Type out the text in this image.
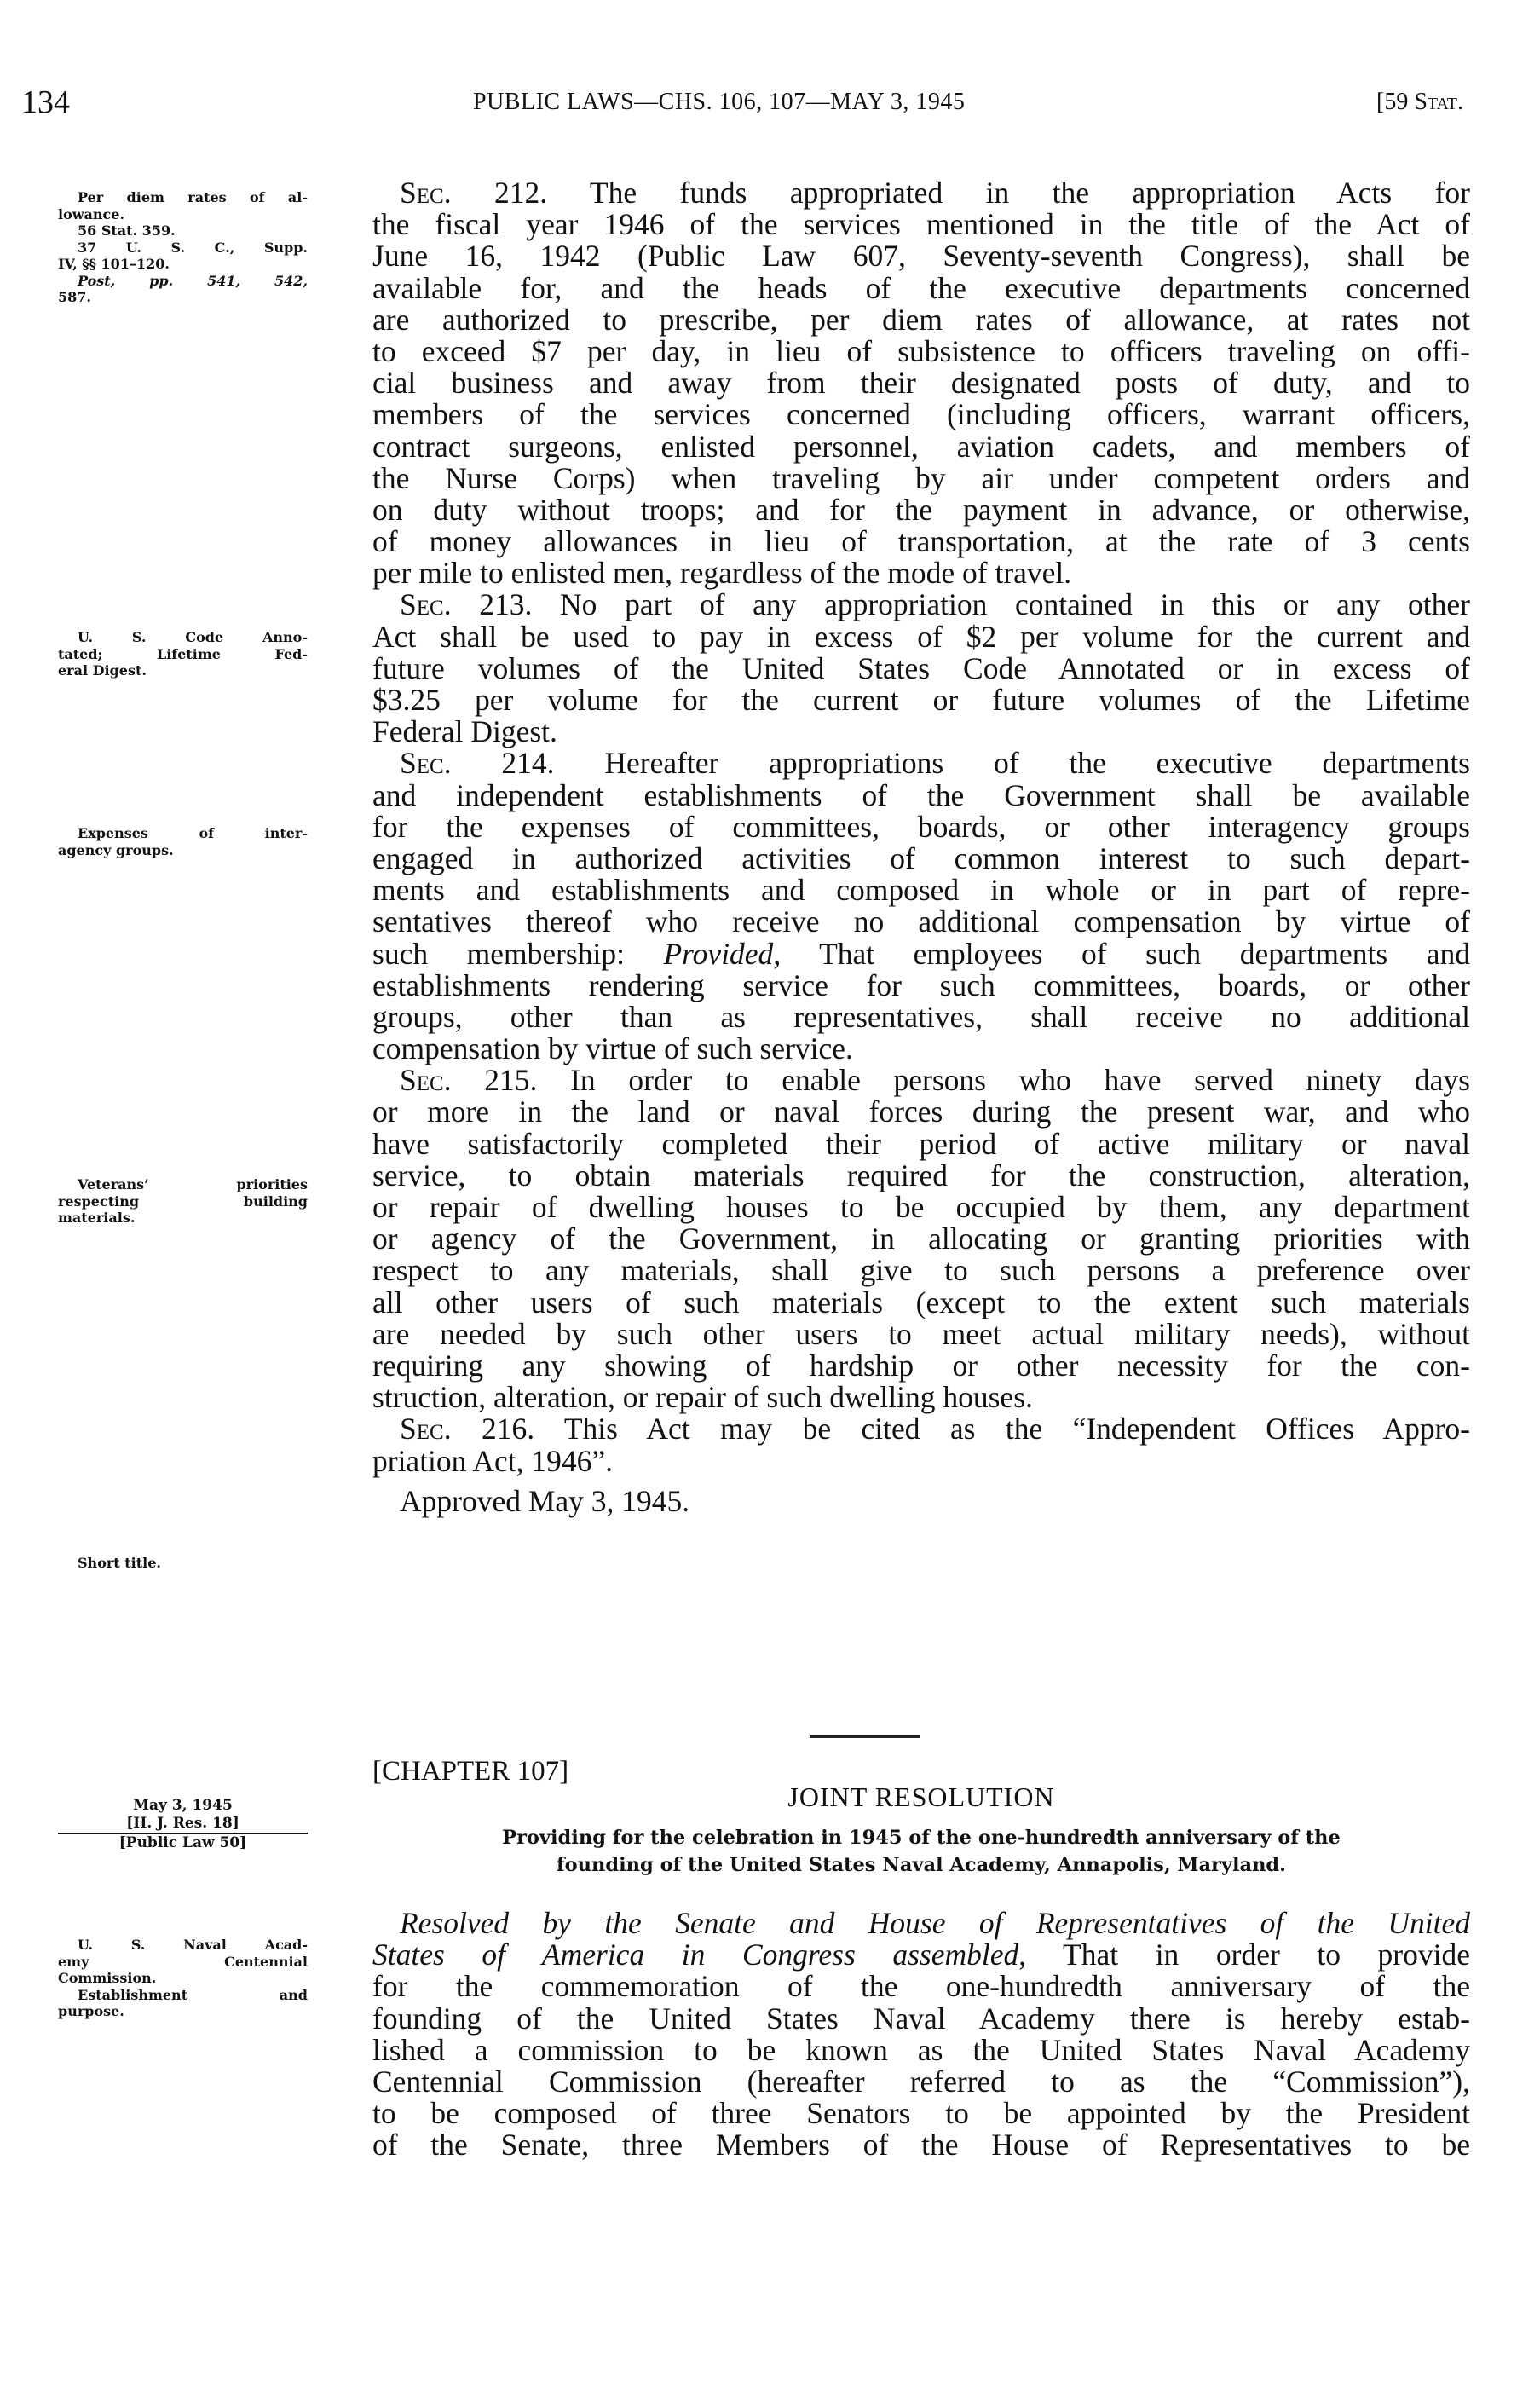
134	PUBLIC LAWS—CHS. 106, 107—MAY 3, 1945	[59 Stat.
Per diem rates of al-
lowance.
56 Stat. 359.
37 U. S. C., Supp.
IV, §§ 101–120.
Post, pp. 541, 542,
587.
U. S. Code Anno-
tated; Lifetime Fed-
eral Digest.
Expenses of inter-
agency groups.
Veterans’ priorities
respecting building
materials.
Short title.
U. S. Naval Acad-
emy Centennial
Commission.
Establishment and
purpose.
Sec. 212. The funds appropriated in the appropriation Acts for
the fiscal year 1946 of the services mentioned in the title of the Act of
June 16, 1942 (Public Law 607, Seventy-seventh Congress), shall be
available for, and the heads of the executive departments concerned
are authorized to prescribe, per diem rates of allowance, at rates not
to exceed $7 per day, in lieu of subsistence to officers traveling on offi-
cial business and away from their designated posts of duty, and to
members of the services concerned (including officers, warrant officers,
contract surgeons, enlisted personnel, aviation cadets, and members of
the Nurse Corps) when traveling by air under competent orders and
on duty without troops; and for the payment in advance, or otherwise,
of money allowances in lieu of transportation, at the rate of 3 cents
per mile to enlisted men, regardless of the mode of travel.
Sec. 213. No part of any appropriation contained in this or any other
Act shall be used to pay in excess of $2 per volume for the current and
future volumes of the United States Code Annotated or in excess of
$3.25 per volume for the current or future volumes of the Lifetime
Federal Digest.
Sec. 214. Hereafter appropriations of the executive departments
and independent establishments of the Government shall be available
for the expenses of committees, boards, or other interagency groups
engaged in authorized activities of common interest to such depart-
ments and establishments and composed in whole or in part of repre-
sentatives thereof who receive no additional compensation by virtue of
such membership: Provided, That employees of such departments and
establishments rendering service for such committees, boards, or other
groups, other than as representatives, shall receive no additional
compensation by virtue of such service.
Sec. 215. In order to enable persons who have served ninety days
or more in the land or naval forces during the present war, and who
have satisfactorily completed their period of active military or naval
service, to obtain materials required for the construction, alteration,
or repair of dwelling houses to be occupied by them, any department
or agency of the Government, in allocating or granting priorities with
respect to any materials, shall give to such persons a preference over
all other users of such materials (except to the extent such materials
are needed by such other users to meet actual military needs), without
requiring any showing of hardship or other necessity for the con-
struction, alteration, or repair of such dwelling houses.
Sec. 216. This Act may be cited as the “Independent Offices Appro-
priation Act, 1946”.
Approved May 3, 1945.
[CHAPTER 107]
JOINT RESOLUTION
May 3, 1945
[H. J. Res. 18]
[Public Law 50]	Providing for the celebration in 1945 of the one-hundredth anniversary of the
founding of the United States Naval Academy, Annapolis, Maryland.
Resolved by the Senate and House of Representatives of the United
States of America in Congress assembled, That in order to provide
for the commemoration of the one-hundredth anniversary of the
founding of the United States Naval Academy there is hereby estab-
lished a commission to be known as the United States Naval Academy
Centennial Commission (hereafter referred to as the “Commission”),
to be composed of three Senators to be appointed by the President
of the Senate, three Members of the House of Representatives to be
